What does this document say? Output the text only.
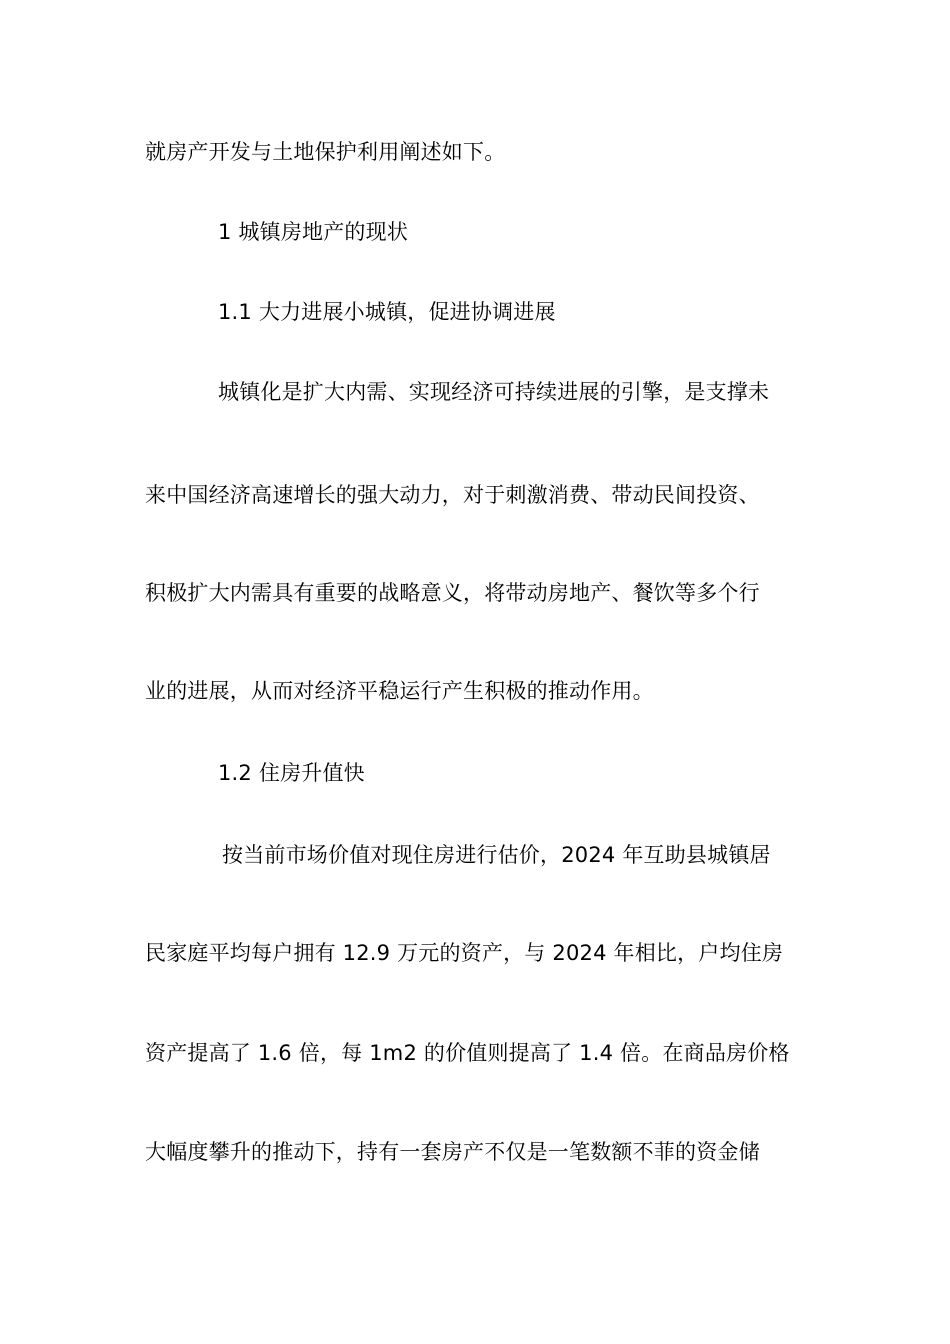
就房产开发与土地保护利用阐述如下。
1 城镇房地产的现状
1.1 大力进展小城镇，促进协调进展
城镇化是扩大内需、实现经济可持续进展的引擎，是支撑未
来中国经济高速增长的强大动力，对于刺激消费、带动民间投资、
积极扩大内需具有重要的战略意义，将带动房地产、餐饮等多个行
业的进展，从而对经济平稳运行产生积极的推动作用。
1.2 住房升值快
按当前市场价值对现住房进行估价，2024 年互助县城镇居
民家庭平均每户拥有 12.9 万元的资产，与 2024 年相比，户均住房
资产提高了 1.6 倍，每 1m2 的价值则提高了 1.4 倍。在商品房价格
大幅度攀升的推动下，持有一套房产不仅是一笔数额不菲的资金储
